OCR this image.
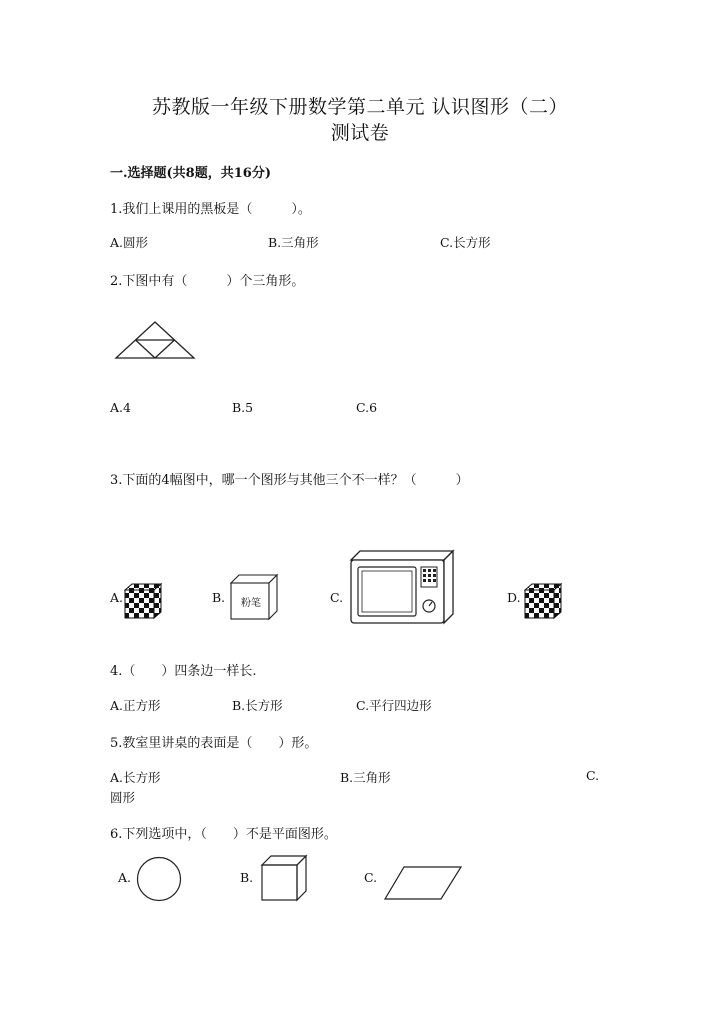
苏教版一年级下册数学第二单元 认识图形（二）
测试卷
一.选择题(共8题，共16分)
1.我们上课用的黑板是（　　　）。
A.圆形	B.三角形	C.长方形
2.下图中有（　　　）个三角形。
A.4	B.5	C.6
3.下面的4幅图中，哪一个图形与其他三个不一样？（　　　）
A.	B.	粉笔	C.	D.
4.（　　）四条边一样长.
A.正方形	B.长方形	C.平行四边形
5.教室里讲桌的表面是（　　）形。
A.长方形	B.三角形	C.
圆形
6.下列选项中，（　　）不是平面图形。
A.	B.	C.
